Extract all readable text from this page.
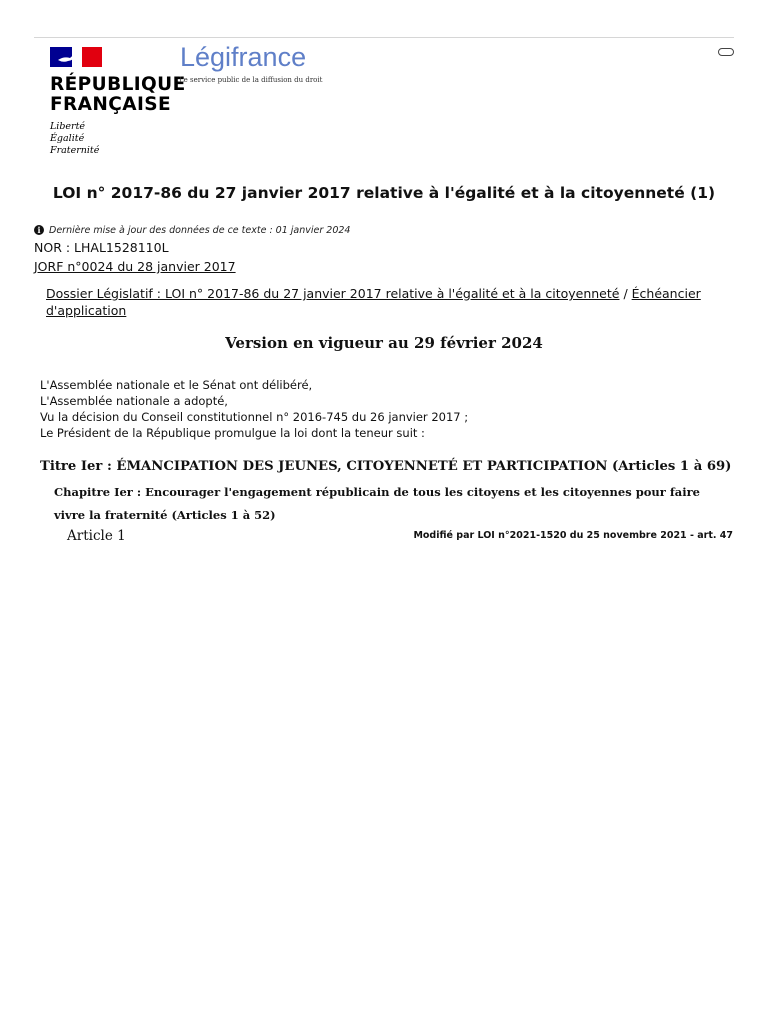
RÉPUBLIQUE
FRANÇAISE
Liberté
Égalité
Fraternité
Légifrance
Le service public de la diffusion du droit
LOI n° 2017-86 du 27 janvier 2017 relative à l'égalité et à la citoyenneté (1)
i Dernière mise à jour des données de ce texte : 01 janvier 2024
NOR : LHAL1528110L
JORF n°0024 du 28 janvier 2017
Dossier Législatif : LOI n° 2017-86 du 27 janvier 2017 relative à l'égalité et à la citoyenneté / Échéancier d'application
Version en vigueur au 29 février 2024
L'Assemblée nationale et le Sénat ont délibéré,
L'Assemblée nationale a adopté,
Vu la décision du Conseil constitutionnel n° 2016-745 du 26 janvier 2017 ;
Le Président de la République promulgue la loi dont la teneur suit :
Titre Ier : ÉMANCIPATION DES JEUNES, CITOYENNETÉ ET PARTICIPATION (Articles 1 à 69)
Chapitre Ier : Encourager l'engagement républicain de tous les citoyens et les citoyennes pour faire vivre la fraternité (Articles 1 à 52)
Article 1	Modifié par LOI n°2021-1520 du 25 novembre 2021 - art. 47
